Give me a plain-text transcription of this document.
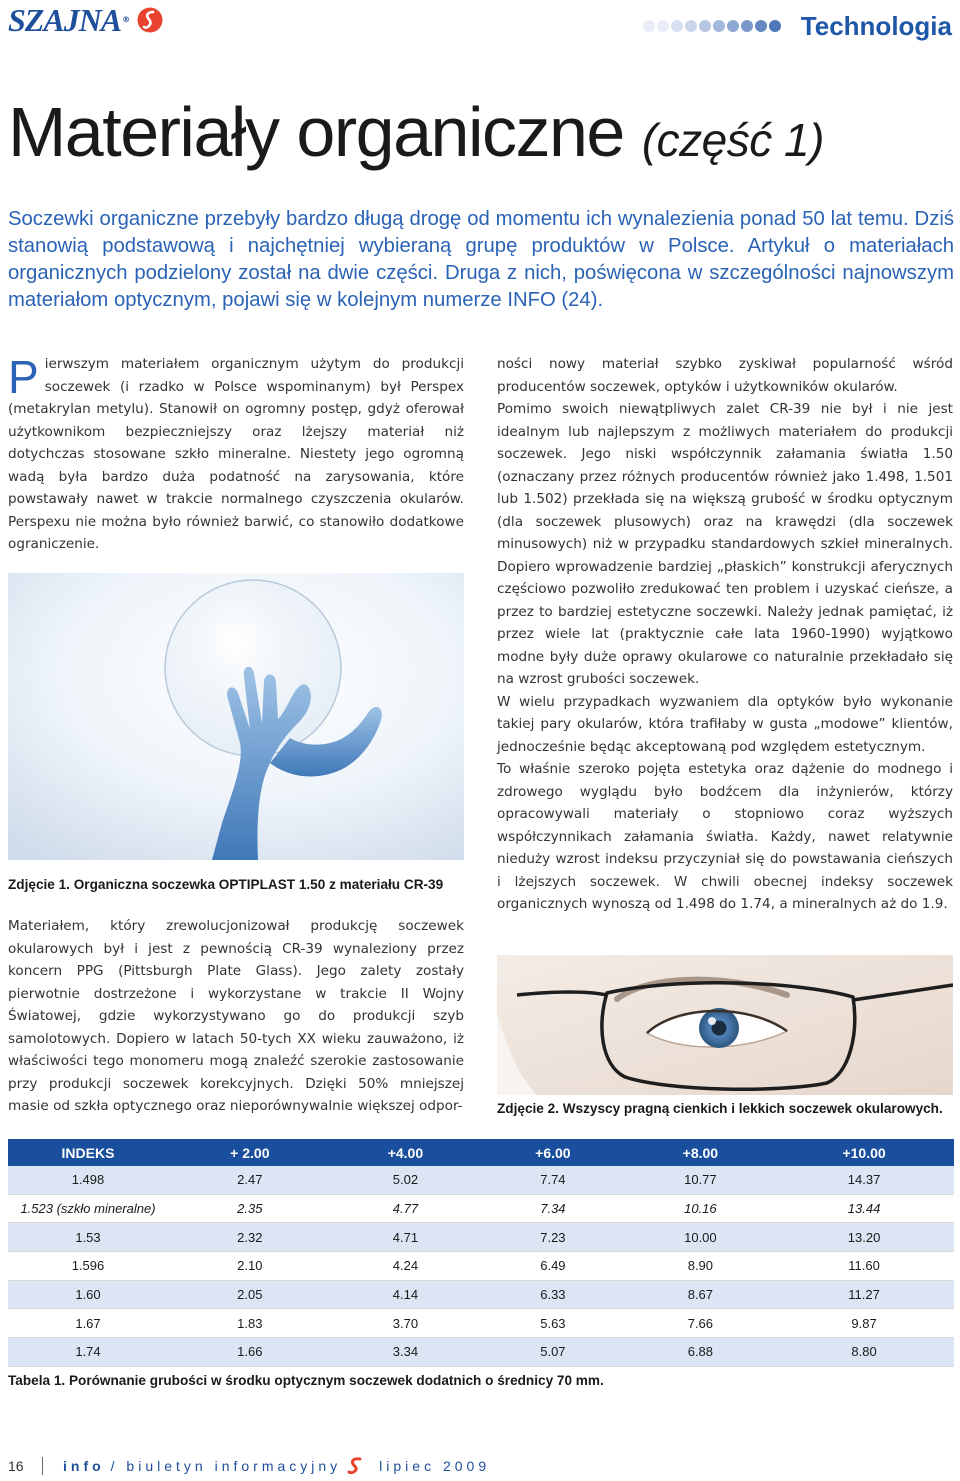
SZAJNA®	Technologia
Materiały organiczne (część 1)

Soczewki organiczne przebyły bardzo długą drogę od momentu ich wynalezienia ponad 50 lat temu. Dziś stanowią podstawową i najchętniej wybieraną grupę produktów w Polsce. Artykuł o materiałach organicznych podzielony został na dwie części. Druga z nich, poświęcona w szczególności najnowszym materiałom optycznym, pojawi się w kolejnym numerze INFO (24).

Pierwszym materiałem organicznym użytym do produkcji soczewek (i rzadko w Polsce wspominanym) był Perspex (metakrylan metylu). Stanowił on ogromny postęp, gdyż oferował użytkownikom bezpieczniejszy oraz lżejszy materiał niż dotychczas stosowane szkło mineralne. Niestety jego ogromną wadą była bardzo duża podatność na zarysowania, które powstawały nawet w trakcie normalnego czyszczenia okularów. Perspexu nie można było również barwić, co stanowiło dodatkowe ograniczenie.

Zdjęcie 1. Organiczna soczewka OPTIPLAST 1.50 z materiału CR-39

Materiałem, który zrewolucjonizował produkcję soczewek okularowych był i jest z pewnością CR-39 wynaleziony przez koncern PPG (Pittsburgh Plate Glass). Jego zalety zostały pierwotnie dostrzeżone i wykorzystane w trakcie II Wojny Światowej, gdzie wykorzystywano go do produkcji szyb samolotowych. Dopiero w latach 50-tych XX wieku zauważono, iż właściwości tego monomeru mogą znaleźć szerokie zastosowanie przy produkcji soczewek korekcyjnych. Dzięki 50% mniejszej masie od szkła optycznego oraz nieporównywalnie większej odpor-

ności nowy materiał szybko zyskiwał popularność wśród producentów soczewek, optyków i użytkowników okularów.

Pomimo swoich niewątpliwych zalet CR-39 nie był i nie jest idealnym lub najlepszym z możliwych materiałem do produkcji soczewek. Jego niski współczynnik załamania światła 1.50 (oznaczany przez różnych producentów również jako 1.498, 1.501 lub 1.502) przekłada się na większą grubość w środku optycznym (dla soczewek plusowych) oraz na krawędzi (dla soczewek minusowych) niż w przypadku standardowych szkieł mineralnych. Dopiero wprowadzenie bardziej „płaskich” konstrukcji aferycznych częściowo pozwoliło zredukować ten problem i uzyskać cieńsze, a przez to bardziej estetyczne soczewki. Należy jednak pamiętać, iż przez wiele lat (praktycznie całe lata 1960-1990) wyjątkowo modne były duże oprawy okularowe co naturalnie przekładało się na wzrost grubości soczewek.

W wielu przypadkach wyzwaniem dla optyków było wykonanie takiej pary okularów, która trafiłaby w gusta „modowe” klientów, jednocześnie będąc akceptowaną pod względem estetycznym.

To właśnie szeroko pojęta estetyka oraz dążenie do modnego i zdrowego wyglądu było bodźcem dla inżynierów, którzy opracowywali materiały o stopniowo coraz wyższych współczynnikach załamania światła. Każdy, nawet relatywnie nieduży wzrost indeksu przyczyniał się do powstawania cieńszych i lżejszych soczewek. W chwili obecnej indeksy soczewek organicznych wynoszą od 1.498 do 1.74, a mineralnych aż do 1.9.

Zdjęcie 2. Wszyscy pragną cienkich i lekkich soczewek okularowych.
INDEKS	+ 2.00	+4.00	+6.00	+8.00	+10.00
1.498	2.47	5.02	7.74	10.77	14.37
1.523 (szkło mineralne)	2.35	4.77	7.34	10.16	13.44
1.53	2.32	4.71	7.23	10.00	13.20
1.596	2.10	4.24	6.49	8.90	11.60
1.60	2.05	4.14	6.33	8.67	11.27
1.67	1.83	3.70	5.63	7.66	9.87
1.74	1.66	3.34	5.07	6.88	8.80
Tabela 1. Porównanie grubości w środku optycznym soczewek dodatnich o średnicy 70 mm.
16	info / biuletyn informacyjny	lipiec 2009
